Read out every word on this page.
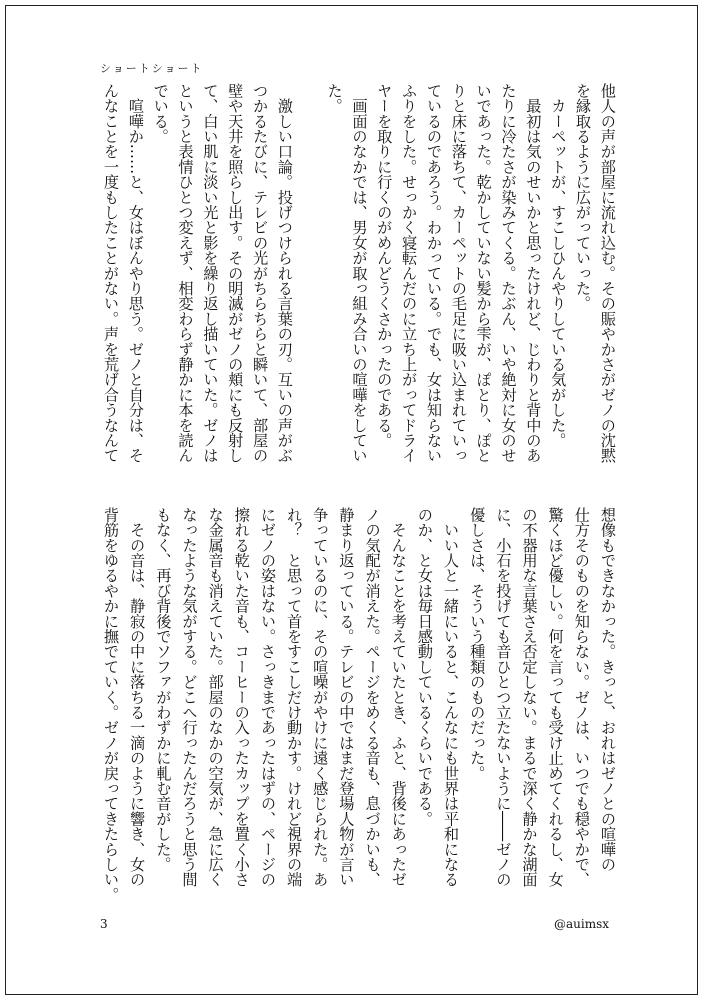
ショートショート
他人の声が部屋に流れ込む。その賑やかさがゼノの沈黙
を縁取るように広がっていった。
　カーペットが、すこしひんやりしている気がした。
　最初は気のせいかと思ったけれど、じわりと背中のあ
たりに冷たさが染みてくる。たぶん、いや絶対に女のせ
いであった。乾かしていない髪から雫が、ぽとり、ぽと
りと床に落ちて、カーペットの毛足に吸い込まれていっ
ているのであろう。わかっている。でも、女は知らない
ふりをした。せっかく寝転んだのに立ち上がってドライ
ヤーを取りに行くのがめんどうくさかったのである。
　画面のなかでは、男女が取っ組み合いの喧嘩をしてい
た。
　激しい口論。投げつけられる言葉の刃。互いの声がぶ
つかるたびに、テレビの光がちらちらと瞬いて、部屋の
壁や天井を照らし出す。その明滅がゼノの頬にも反射し
て、白い肌に淡い光と影を繰り返し描いていた。ゼノは
というと表情ひとつ変えず、相変わらず静かに本を読ん
でいる。
　喧嘩か……と、女はぼんやり思う。ゼノと自分は、そ
んなことを一度もしたことがない。声を荒げ合うなんて
想像もできなかった。きっと、おれはゼノとの喧嘩の
仕方そのものを知らない。ゼノは、いつでも穏やかで、
驚くほど優しい。何を言っても受け止めてくれるし、女
の不器用な言葉さえ否定しない。まるで深く静かな湖面
に、小石を投げても音ひとつ立たないように――ゼノの
優しさは、そういう種類のものだった。
　いい人と一緒にいると、こんなにも世界は平和になる
のか、と女は毎日感動しているくらいである。
　そんなことを考えていたとき、ふと、背後にあったゼ
ノの気配が消えた。ページをめくる音も、息づかいも、
静まり返っている。テレビの中ではまだ登場人物が言い
争っているのに、その喧噪がやけに遠く感じられた。あ
れ？　と思って首をすこしだけ動かす。けれど視界の端
にゼノの姿はない。さっきまであったはずの、ページの
擦れる乾いた音も、コーヒーの入ったカップを置く小さ
な金属音も消えていた。部屋のなかの空気が、急に広く
なったような気がする。どこへ行ったんだろうと思う間
もなく、再び背後でソファがわずかに軋む音がした。
　その音は、静寂の中に落ちる一滴のように響き、女の
背筋をゆるやかに撫でていく。ゼノが戻ってきたらしい。
3	@auimsx
